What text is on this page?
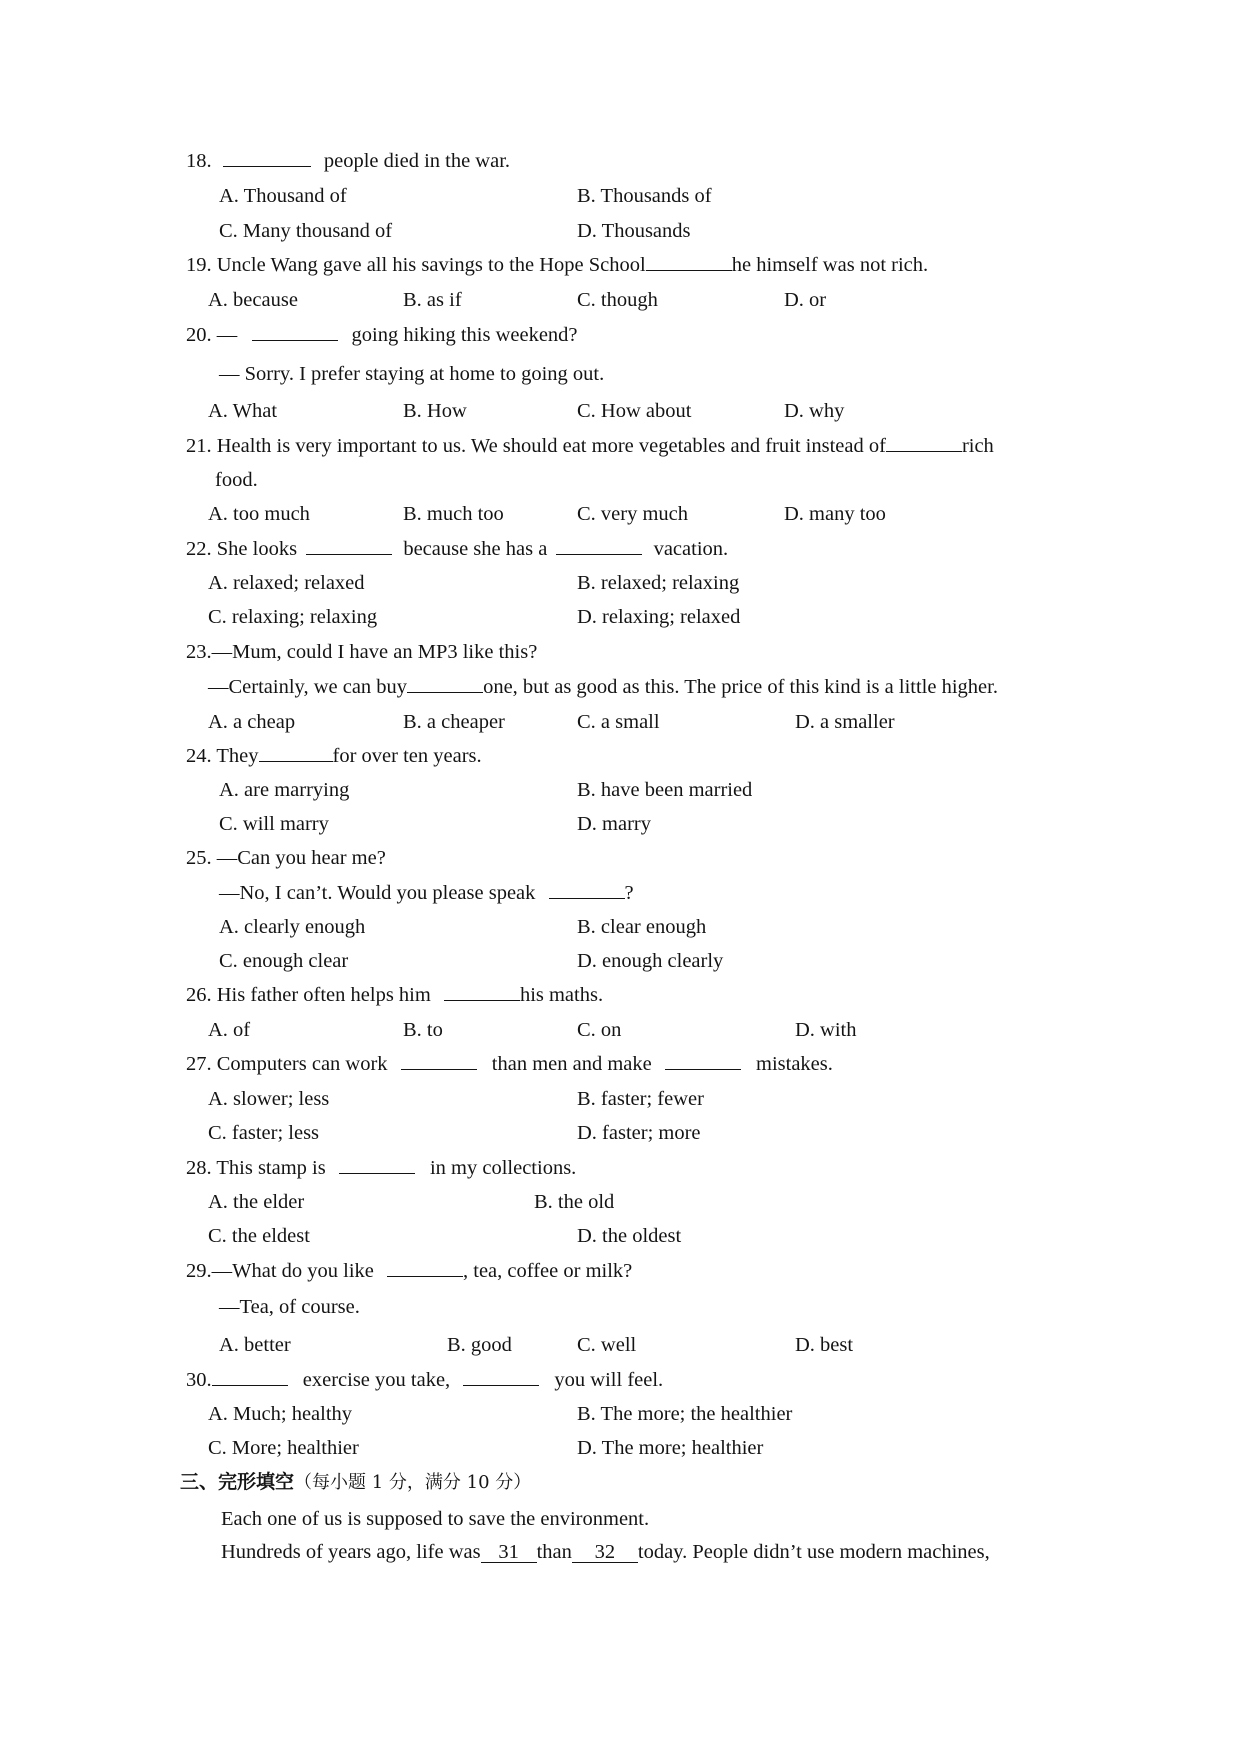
18.	people died in the war.
A. Thousand of	B. Thousands of
C. Many thousand of	D. Thousands
19. Uncle Wang gave all his savings to the Hope School	he himself was not rich.
A. because	B. as if	C. though	D. or
20. —	going hiking this weekend?
— Sorry. I prefer staying at home to going out.
A. What	B. How	C. How about	D. why
21. Health is very important to us. We should eat more vegetables and fruit instead of	rich
food.
A. too much	B. much too	C. very much	D. many too
22. She looks	because she has a	vacation.
A. relaxed; relaxed	B. relaxed; relaxing
C. relaxing; relaxing	D. relaxing; relaxed
23.—Mum, could I have an MP3 like this?
—Certainly, we can buy	one, but as good as this. The price of this kind is a little higher.
A. a cheap	B. a cheaper	C. a small	D. a smaller
24. They	for over ten years.
A. are marrying	B. have been married
C. will marry	D. marry
25. —Can you hear me?
—No, I can’t. Would you please speak	?
A. clearly enough	B. clear enough
C. enough clear	D. enough clearly
26. His father often helps him	his maths.
A. of	B. to	C. on	D. with
27. Computers can work	than men and make	mistakes.
A. slower; less	B. faster; fewer
C. faster; less	D. faster; more
28. This stamp is	in my collections.
A. the elder	B. the old
C. the eldest	D. the oldest
29.—What do you like	, tea, coffee or milk?
—Tea, of course.
A. better	B. good	C. well	D. best
30.	exercise you take,	you will feel.
A. Much; healthy	B. The more; the healthier
C. More; healthier	D. The more; healthier
三、完形填空（每小题 1 分，满分 10 分）
Each one of us is supposed to save the environment.
Hundreds of years ago, life was 31 than 32 today. People didn’t use modern machines,
